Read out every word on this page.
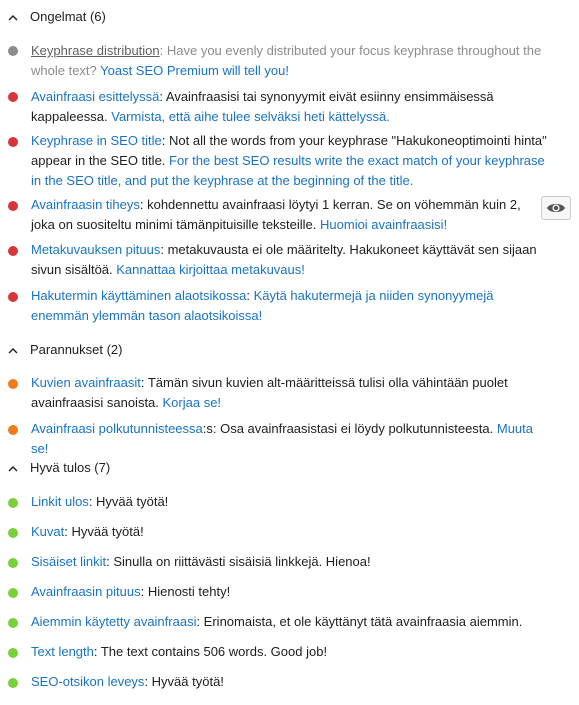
Ongelmat (6)
Keyphrase distribution: Have you evenly distributed your focus keyphrase throughout the whole text? Yoast SEO Premium will tell you!
Avainfraasi esittelyssä: Avainfraasisi tai synonyymit eivät esiinny ensimmäisessä kappaleessa. Varmista, että aihe tulee selväksi heti kättelyssä.
Keyphrase in SEO title: Not all the words from your keyphrase "Hakukoneoptimointi hinta" appear in the SEO title. For the best SEO results write the exact match of your keyphrase in the SEO title, and put the keyphrase at the beginning of the title.
Avainfraasin tiheys: kohdennettu avainfraasi löytyi 1 kerran. Se on vöhemmän kuin 2, joka on suositeltu minimi tämänpituisille teksteille. Huomioi avainfraasisi!
Metakuvauksen pituus: metakuvausta ei ole määritelty. Hakukoneet käyttävät sen sijaan sivun sisältöä. Kannattaa kirjoittaa metakuvaus!
Hakutermin käyttäminen alaotsikossa: Käytä hakutermejä ja niiden synonyymejä enemmän ylemmän tason alaotsikoissa!
Parannukset (2)
Kuvien avainfraasit: Tämän sivun kuvien alt-määritteissä tulisi olla vähintään puolet avainfraasisi sanoista. Korjaa se!
Avainfraasi polkutunnisteessa:s: Osa avainfraasistasi ei löydy polkutunnisteesta. Muuta se!
Hyvä tulos (7)
Linkit ulos: Hyvää työtä!
Kuvat: Hyvää työtä!
Sisäiset linkit: Sinulla on riittävästi sisäisiä linkkejä. Hienoa!
Avainfraasin pituus: Hienosti tehty!
Aiemmin käytetty avainfraasi: Erinomaista, et ole käyttänyt tätä avainfraasia aiemmin.
Text length: The text contains 506 words. Good job!
SEO-otsikon leveys: Hyvää työtä!
